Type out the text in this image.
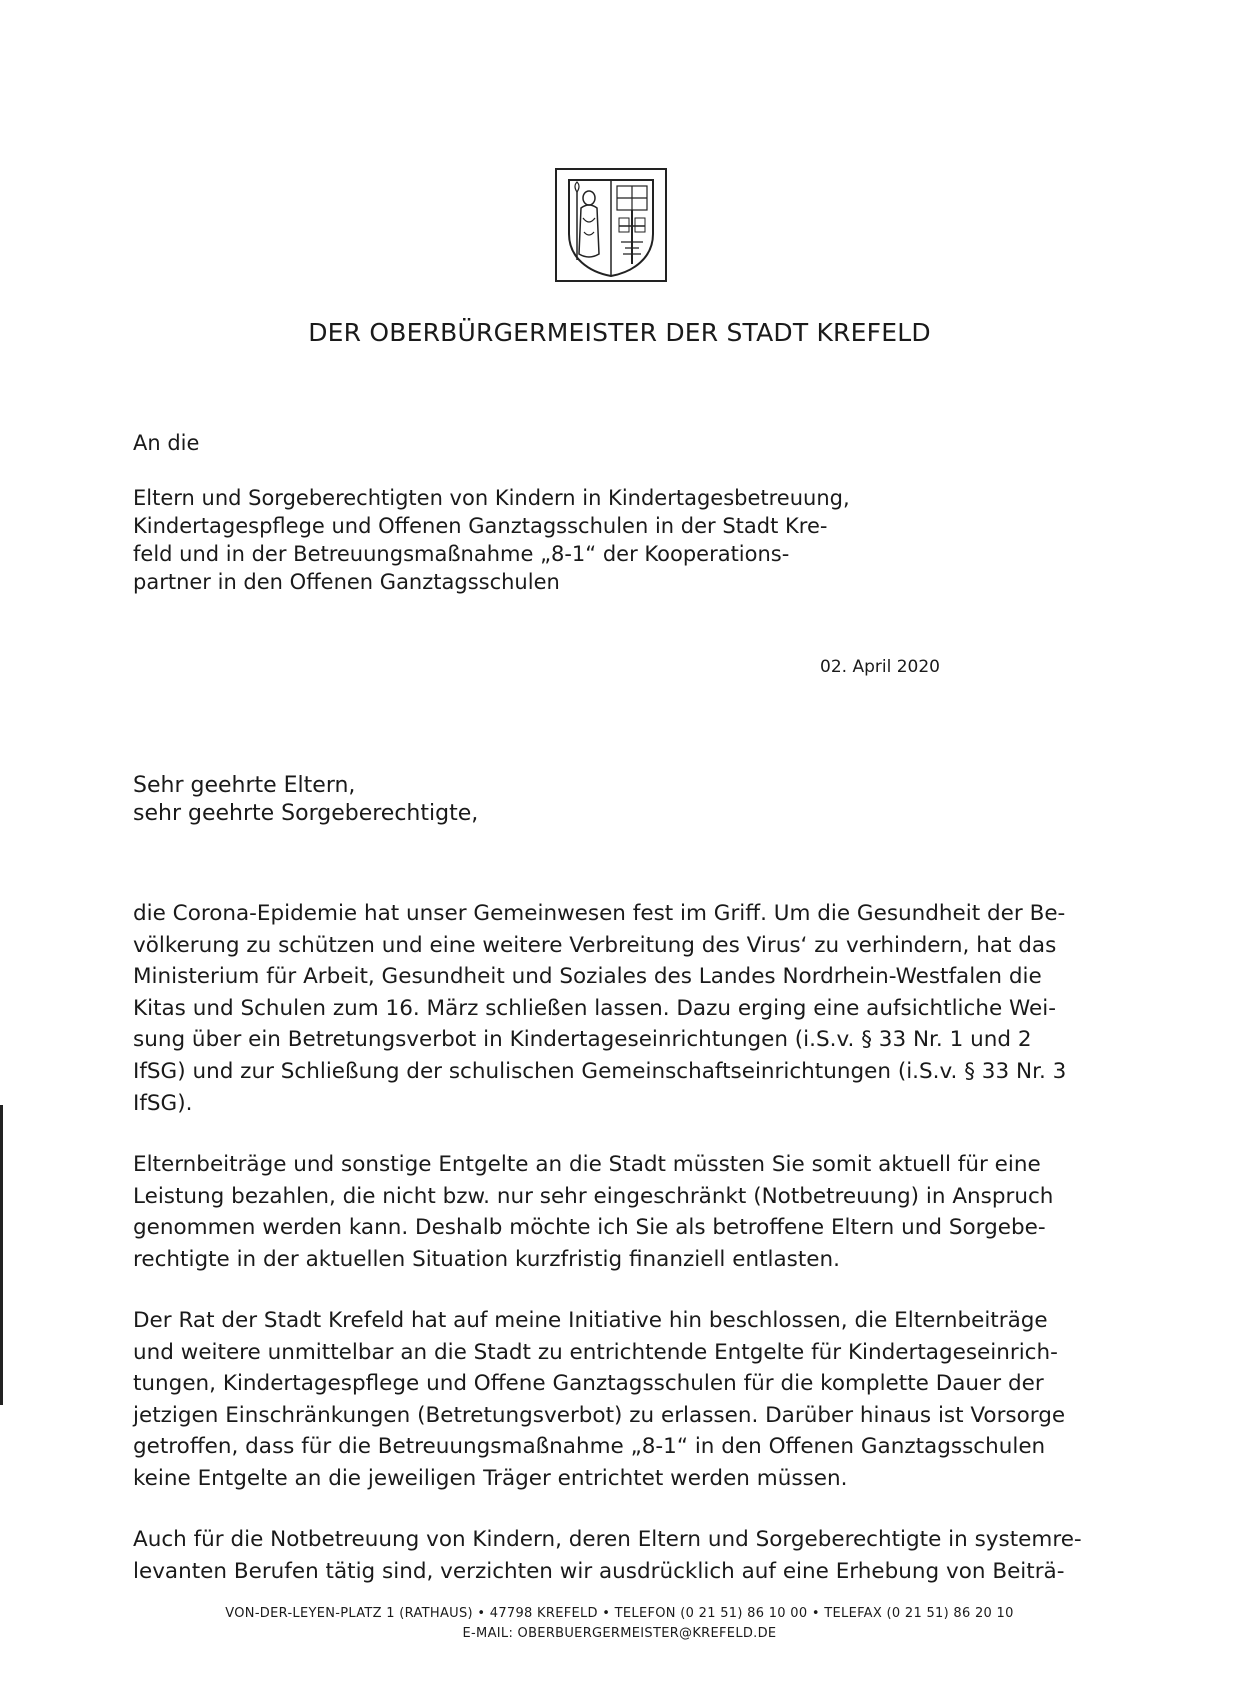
DER OBERBÜRGERMEISTER DER STADT KREFELD
An die
Eltern und Sorgeberechtigten von Kindern in Kindertagesbetreuung,
Kindertagespflege und Offenen Ganztagsschulen in der Stadt Kre-
feld und in der Betreuungsmaßnahme „8-1“ der Kooperations-
partner in den Offenen Ganztagsschulen
02. April 2020
Sehr geehrte Eltern,
sehr geehrte Sorgeberechtigte,
die Corona-Epidemie hat unser Gemeinwesen fest im Griff. Um die Gesundheit der Be-
völkerung zu schützen und eine weitere Verbreitung des Virus‘ zu verhindern, hat das
Ministerium für Arbeit, Gesundheit und Soziales des Landes Nordrhein-Westfalen die
Kitas und Schulen zum 16. März schließen lassen. Dazu erging eine aufsichtliche Wei-
sung über ein Betretungsverbot in Kindertageseinrichtungen (i.S.v. § 33 Nr. 1 und 2
IfSG) und zur Schließung der schulischen Gemeinschaftseinrichtungen (i.S.v. § 33 Nr. 3
IfSG).
Elternbeiträge und sonstige Entgelte an die Stadt müssten Sie somit aktuell für eine
Leistung bezahlen, die nicht bzw. nur sehr eingeschränkt (Notbetreuung) in Anspruch
genommen werden kann. Deshalb möchte ich Sie als betroffene Eltern und Sorgebe-
rechtigte in der aktuellen Situation kurzfristig finanziell entlasten.
Der Rat der Stadt Krefeld hat auf meine Initiative hin beschlossen, die Elternbeiträge
und weitere unmittelbar an die Stadt zu entrichtende Entgelte für Kindertageseinrich-
tungen, Kindertagespflege und Offene Ganztagsschulen für die komplette Dauer der
jetzigen Einschränkungen (Betretungsverbot) zu erlassen. Darüber hinaus ist Vorsorge
getroffen, dass für die Betreuungsmaßnahme „8-1“ in den Offenen Ganztagsschulen
keine Entgelte an die jeweiligen Träger entrichtet werden müssen.
Auch für die Notbetreuung von Kindern, deren Eltern und Sorgeberechtigte in systemre-
levanten Berufen tätig sind, verzichten wir ausdrücklich auf eine Erhebung von Beiträ-
VON-DER-LEYEN-PLATZ 1 (RATHAUS) • 47798 KREFELD • TELEFON (0 21 51) 86 10 00 • TELEFAX (0 21 51) 86 20 10
E-MAIL: OBERBUERGERMEISTER@KREFELD.DE
